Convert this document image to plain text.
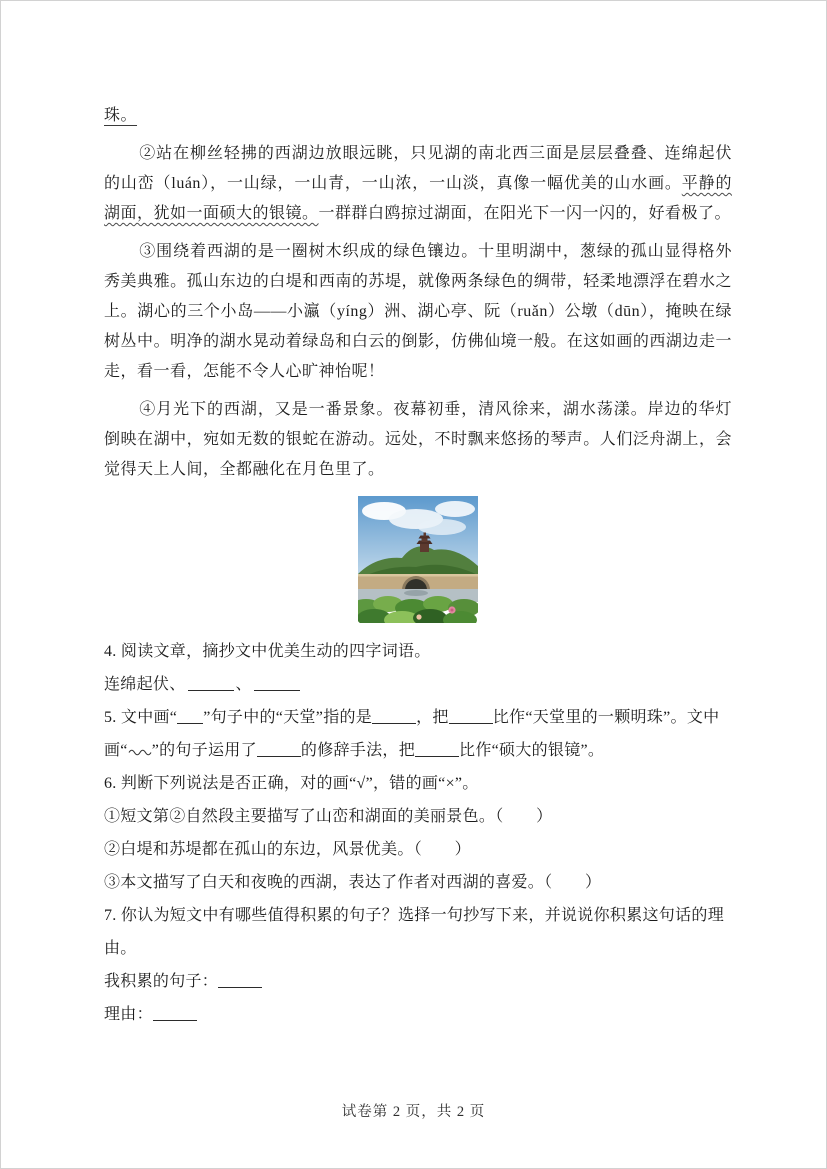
珠。

②站在柳丝轻拂的西湖边放眼远眺，只见湖的南北西三面是层层叠叠、连绵起伏的山峦（luán），一山绿，一山青，一山浓，一山淡，真像一幅优美的山水画。平静的湖面，犹如一面硕大的银镜。一群群白鸥掠过湖面，在阳光下一闪一闪的，好看极了。

③围绕着西湖的是一圈树木织成的绿色镶边。十里明湖中，葱绿的孤山显得格外秀美典雅。孤山东边的白堤和西南的苏堤，就像两条绿色的绸带，轻柔地漂浮在碧水之上。湖心的三个小岛——小瀛（yíng）洲、湖心亭、阮（ruǎn）公墩（dūn），掩映在绿树丛中。明净的湖水晃动着绿岛和白云的倒影，仿佛仙境一般。在这如画的西湖边走一走，看一看，怎能不令人心旷神怡呢！

④月光下的西湖，又是一番景象。夜幕初垂，清风徐来，湖水荡漾。岸边的华灯倒映在湖中，宛如无数的银蛇在游动。远处，不时飘来悠扬的琴声。人们泛舟湖上，会觉得天上人间，全都融化在月色里了。

4. 阅读文章，摘抄文中优美生动的四字词语。

连绵起伏、	、

5. 文中画“ ”句子中的“天堂”指的是	，把	比作“天堂里的一颗明珠”。文中画“ ”的句子运用了	的修辞手法，把	比作“硕大的银镜”。

6. 判断下列说法是否正确，对的画“√”，错的画“×”。

①短文第②自然段主要描写了山峦和湖面的美丽景色。（　　）

②白堤和苏堤都在孤山的东边，风景优美。（　　）

③本文描写了白天和夜晚的西湖，表达了作者对西湖的喜爱。（　　）

7. 你认为短文中有哪些值得积累的句子？选择一句抄写下来，并说说你积累这句话的理由。

我积累的句子：

理由：

试卷第 2 页，共 2 页
